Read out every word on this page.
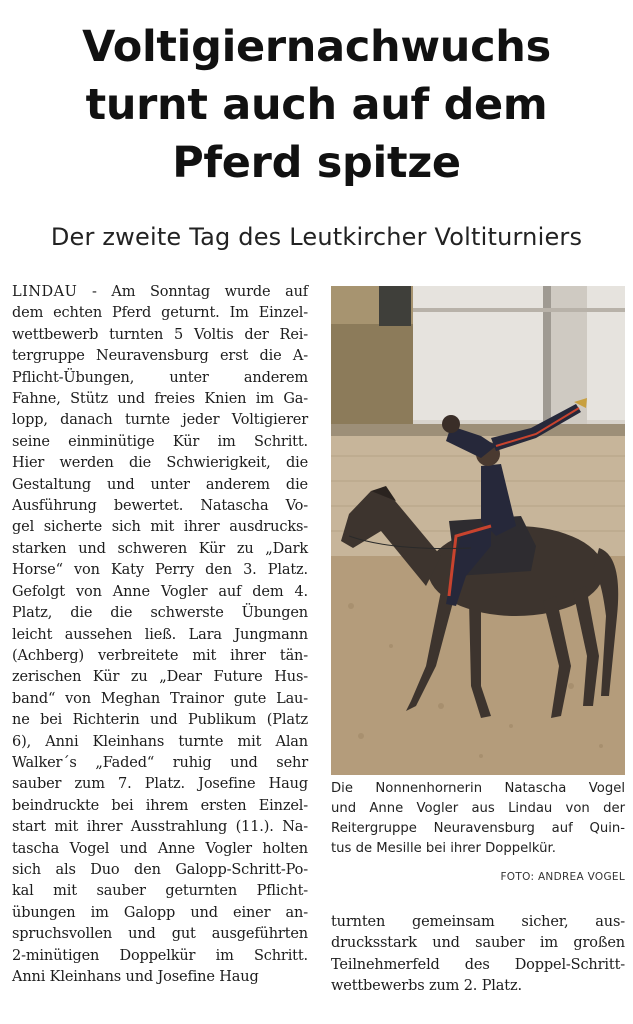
Voltigiernachwuchs
turnt auch auf dem
Pferd spitze
Der zweite Tag des Leutkircher Voltiturniers
LINDAU - Am Sonntag wurde auf
dem echten Pferd geturnt. Im Einzel-
wettbewerb turnten 5 Voltis der Rei-
tergruppe Neuravensburg erst die A-
Pflicht-Übungen, unter anderem
Fahne, Stütz und freies Knien im Ga-
lopp, danach turnte jeder Voltigierer
seine einminütige Kür im Schritt.
Hier werden die Schwierigkeit, die
Gestaltung und unter anderem die
Ausführung bewertet. Natascha Vo-
gel sicherte sich mit ihrer ausdrucks-
starken und schweren Kür zu „Dark
Horse“ von Katy Perry den 3. Platz.
Gefolgt von Anne Vogler auf dem 4.
Platz, die die schwerste Übungen
leicht aussehen ließ. Lara Jungmann
(Achberg) verbreitete mit ihrer tän-
zerischen Kür zu „Dear Future Hus-
band“ von Meghan Trainor gute Lau-
ne bei Richterin und Publikum (Platz
6), Anni Kleinhans turnte mit Alan
Walker´s „Faded“ ruhig und sehr
sauber zum 7. Platz. Josefine Haug
beindruckte bei ihrem ersten Einzel-
start mit ihrer Ausstrahlung (11.). Na-
tascha Vogel und Anne Vogler holten
sich als Duo den Galopp-Schritt-Po-
kal mit sauber geturnten Pflicht-
übungen im Galopp und einer an-
spruchsvollen und gut ausgeführten
2-minütigen Doppelkür im Schritt.
Anni Kleinhans und Josefine Haug
Die Nonnenhornerin Natascha Vogel
und Anne Vogler aus Lindau von der
Reitergruppe Neuravensburg auf Quin-
tus de Mesille bei ihrer Doppelkür.
FOTO: ANDREA VOGEL
turnten gemeinsam sicher, aus-
drucksstark und sauber im großen
Teilnehmerfeld des Doppel-Schritt-
wettbewerbs zum 2. Platz.
